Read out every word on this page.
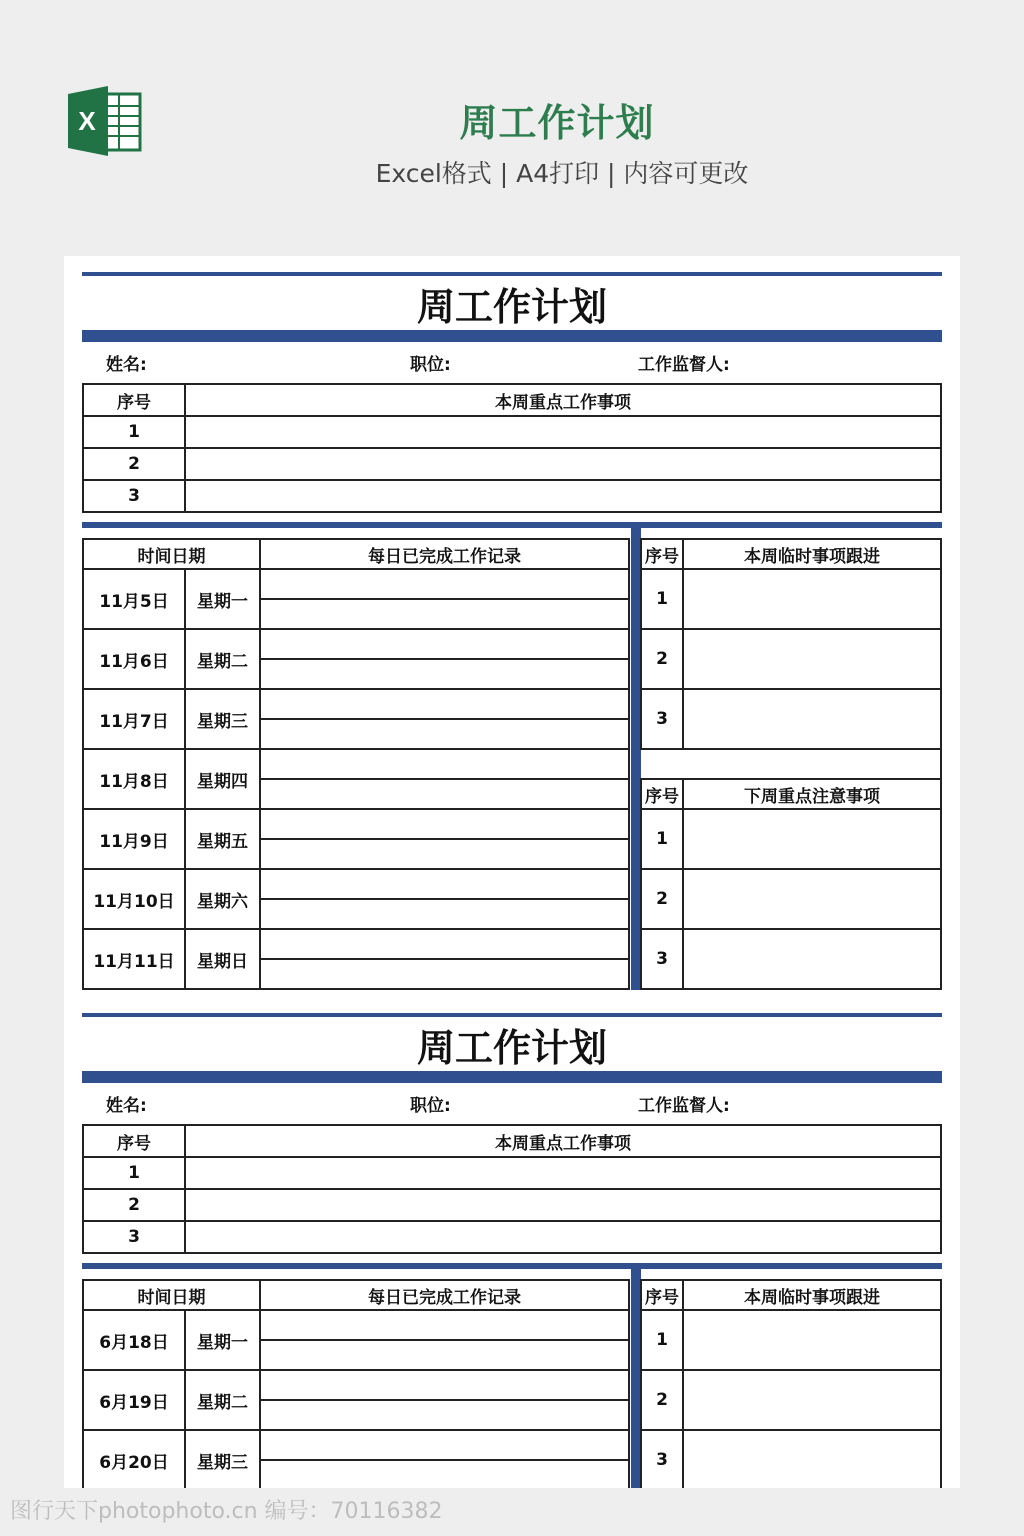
X	周工作计划
Excel格式 | A4打印 | 内容可更改
周工作计划
姓名:	职位:	工作监督人:
序号	本周重点工作事项
1	
2	
3	
时间日期		每日已完成工作记录
11月5日	星期一	

11月6日	星期二	

11月7日	星期三	

11月8日	星期四	

11月9日	星期五	

11月10日	星期六	

11月11日	星期日	

序号	本周临时事项跟进
1	
2	
3	

序号	下周重点注意事项
1	
2	
3	
周工作计划
姓名:	职位:	工作监督人:
序号	本周重点工作事项
1	
2	
3	
时间日期		每日已完成工作记录
6月18日	星期一	

6月19日	星期二	

6月20日	星期三	

序号	本周临时事项跟进
1	
2	
3	
图行天下photophoto.cn 编号：70116382
